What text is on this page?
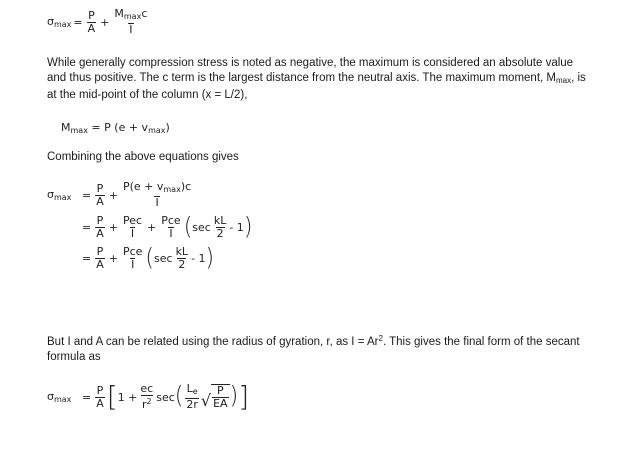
$\sigma_{max} = \frac{P}{A} + \frac{M_{max}c}{I}$
While generally compression stress is noted as negative, the maximum is considered an absolute value and thus positive. The c term is the largest distance from the neutral axis. The maximum moment, $M_{max}$, is at the mid-point of the column (x = L/2),
$M_{max} = P$ $(e + v_{max})$
Combining the above equations gives
$\sigma_{max} = \frac{P}{A} + \frac{P(e + v_{max})c}{I}$
= $\frac{P}{A} + \frac{\text{Pec}}{I} + \frac{\text{Pce}}{I}$ ( $\sec \frac{kL}{2} - 1$ )
= $\frac{P}{A} + \frac{\text{Pce}}{I}$ ( $\sec \frac{kL}{2} - 1$ )
But I and A can be related using the radius of gyration, r, as $I = Ar^2$. This gives the final form of the secant formula as
$\sigma_{max} = \frac{P}{A}$ [ $1 + \frac{ec}{r^2}$ sec ( $\frac{L_e}{2r}$ √ $\frac{P}{EA}$ ) ]
